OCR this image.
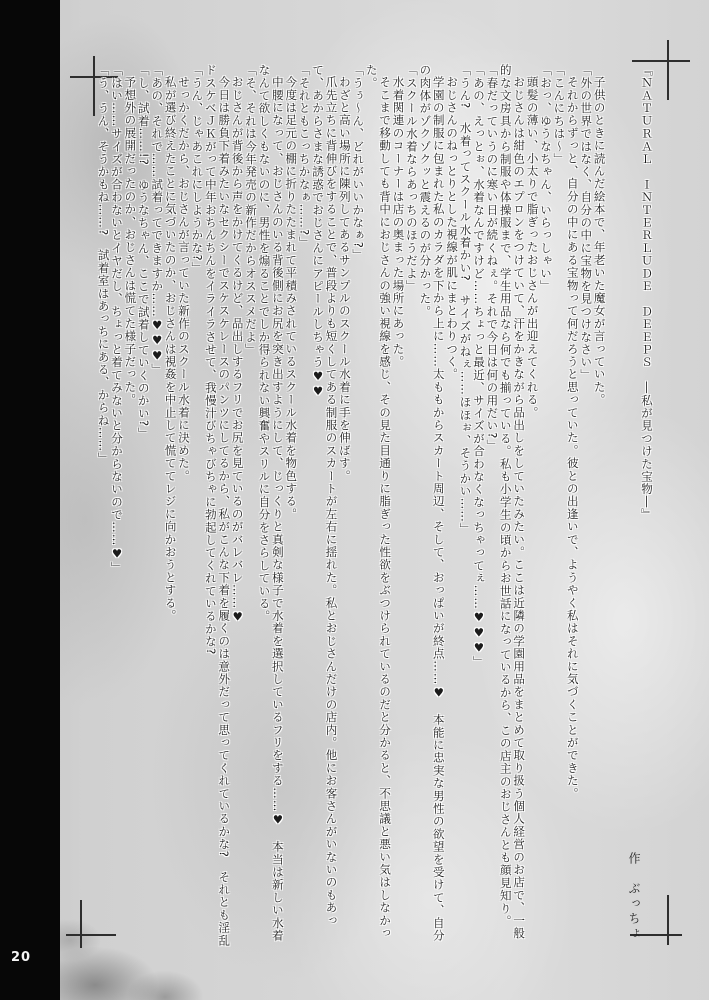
20

『ＮＡＴＵＲＡＬ　ＩＮＴＥＲＬＵＤＥ　ＤＥＥＰＳ　―私が見つけた宝物―』

子供のときに読んだ絵本で、年老いた魔女が言っていた。

「外の世界ではなく、自分の中に宝物を見つけなさい」

それからずっと、自分の中にある宝物って何だろうと思っていた。彼との出逢いで、ようやく私はそれに気づくことができた。

「こんにちは〜」

「おっ、ゆうなちゃん、いらっしゃい」

頭髪の薄い、小太りで脂ぎったおじさんが出迎えてくれる。

おじさんは紺色のエプロンをつけていて、汗をかきながら品出しをしていたみたい。ここは近隣の学園用品をまとめて取り扱う個人経営のお店で、一般的な文房具から制服や体操服まで、学生用品なら何でも揃っている。私も小学生の頃からお世話になっているから、この店主のおじさんとも顔見知り。

「春だっていうのに寒い日が続くねぇ。それで今日は何の用だい?」

「あの、えっとぉ、水着なんですけど……ちょっと最近、サイズが合わなくなっちゃってぇ……♥♥♥」

「うん?　水着ってスクール水着かい?　サイズがねぇ……ほほぉ、そうかい……」

おじさんのねっとりとした視線が肌にまとわりつく。

学園の制服に包まれた私のカラダを下から上に……太ももからスカート周辺、そして、おっぱいが終点……♥　本能に忠実な男性の欲望を受けて、自分の肉体がゾクゾクッと震えるのが分かった。

「スクール水着ならあっちのほうだよ」

水着関連のコーナーは店の奥まった場所にあった。

そこまで移動しても背中におじさんの強い視線を感じ、その見た目通りに脂ぎった性欲をぶつけられているのだと分かると、不思議と悪い気はしなかった。

「うぅ〜ん、どれがいいかなぁ?」

わざと高い場所に陳列してあるサンプルのスクール水着に手を伸ばす。

爪先立ちに背伸びをすることで、普段よりも短くしてある制服のスカートが左右に揺れた。私とおじさんだけの店内。他にお客さんがいないのもあって、あからさまな誘惑でおじさんにアピールしちゃう♥♥

「それともこっちかなぁ……?」

今度は足元の棚に折りたたまれて平積みされているスクール水着を物色する。

中腰になって、おじさんのいる背後側にお尻を突き出すようにして、じっくりと真剣な様子で水着を選択しているフリをする……♥　本当は新しい水着なんて欲しくもないのに、男性を煽ることでしか得られない興奮やスリルに自分をさらしている。

「そ、それは今年発売の新作だからオススメだよ」

おじさんが背後から声をかけてくるけど、品出しするフリでお尻を見ているのがバレバレ……♥

今日は勝負下着みたいなセクシーでスケスケレースのパンツにしてるから、私がこんな下着を履くのは意外だって思ってくれているかな?　それとも淫乱ドスケベＪＫがって中年おちんちんをイライラさせて、我慢汁びちゃびちゃに勃起してくれているかな?

「うん、じゃあこれにしようかな?」

せっかくだから、おじさんが言っていた新作のスクール水着に決めた。

私が選び終えたことに気づいたのか、おじさんは視姦を中止して慌ててレジに向かおうとする。

「あの、それで……試着ってできますか……♥♥♥」

「し、試着……!?　ゆうなちゃん、ここで試着していくのかい?」

予想外の展開だったのか、おじさんは慌てた様子だった。

「はい……サイズが合わないとイヤだし、ちょっと着てみないと分からないので……♥」

「う、うん、そうかもね……?　試着室はあっちにある、からね……」

作　ぶっちょ
